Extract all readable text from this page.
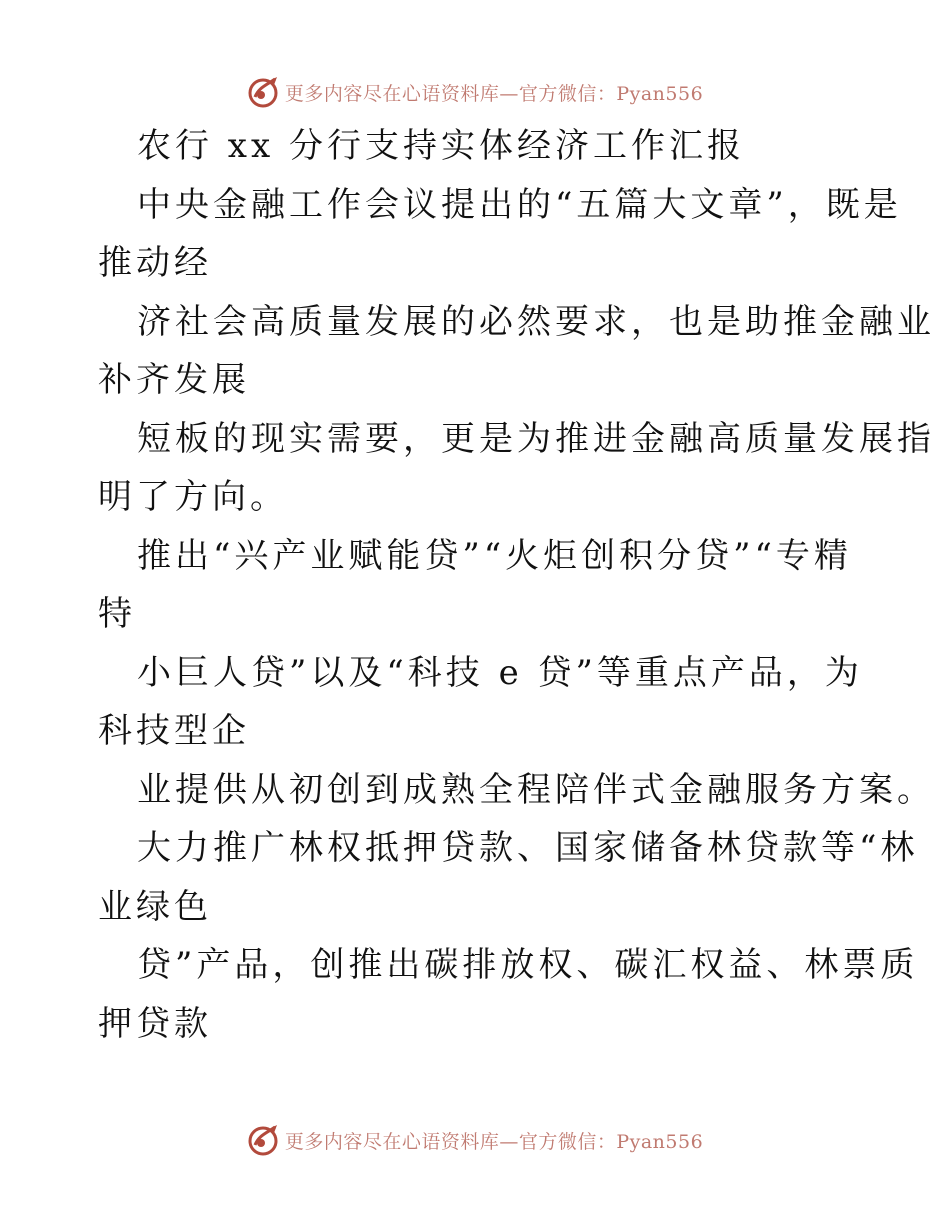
更多内容尽在心语资料库—官方微信：Pyan556
农行 xx 分行支持实体经济工作汇报
中央金融工作会议提出的“五篇大文章”，既是
推动经
济社会高质量发展的必然要求，也是助推金融业
补齐发展
短板的现实需要，更是为推进金融高质量发展指
明了方向。
推出“兴产业赋能贷”“火炬创积分贷”“专精
特
小巨人贷”以及“科技 e 贷”等重点产品，为
科技型企
业提供从初创到成熟全程陪伴式金融服务方案。
大力推广林权抵押贷款、国家储备林贷款等“林
业绿色
贷”产品，创推出碳排放权、碳汇权益、林票质
押贷款
更多内容尽在心语资料库—官方微信：Pyan556
